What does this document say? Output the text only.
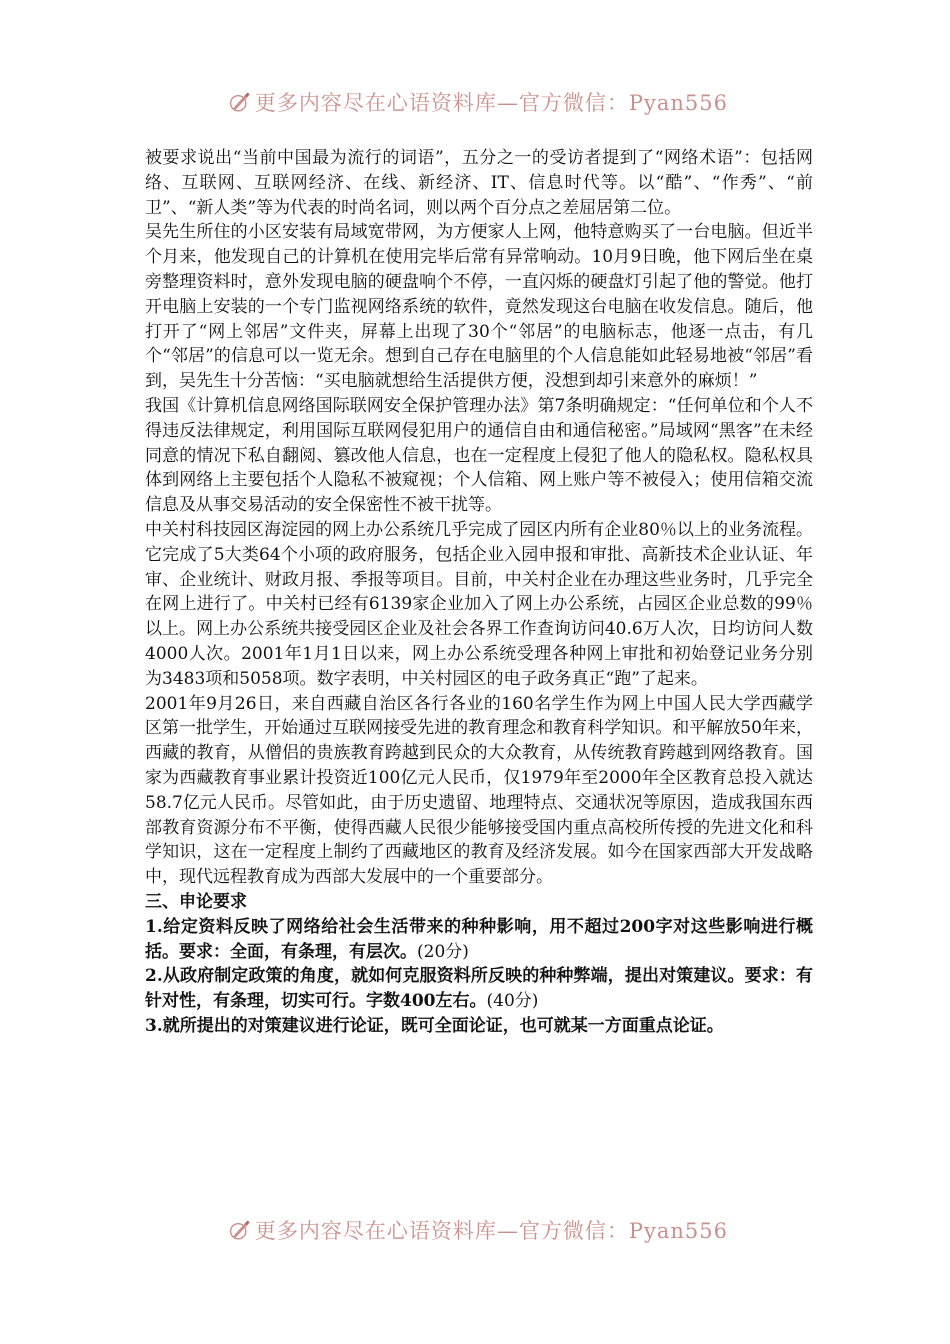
更多内容尽在心语资料库—官方微信：Pyan556

被要求说出“当前中国最为流行的词语”，五分之一的受访者提到了“网络术语”：包括网络、互联网、互联网经济、在线、新经济、IT、信息时代等。以“酷”、“作秀”、“前卫”、“新人类”等为代表的时尚名词，则以两个百分点之差屈居第二位。

吴先生所住的小区安装有局域宽带网，为方便家人上网，他特意购买了一台电脑。但近半个月来，他发现自己的计算机在使用完毕后常有异常响动。10月9日晚，他下网后坐在桌旁整理资料时，意外发现电脑的硬盘响个不停，一直闪烁的硬盘灯引起了他的警觉。他打开电脑上安装的一个专门监视网络系统的软件，竟然发现这台电脑在收发信息。随后，他打开了“网上邻居”文件夹，屏幕上出现了30个“邻居”的电脑标志，他逐一点击，有几个“邻居”的信息可以一览无余。想到自己存在电脑里的个人信息能如此轻易地被“邻居”看到，吴先生十分苦恼：“买电脑就想给生活提供方便，没想到却引来意外的麻烦！”

我国《计算机信息网络国际联网安全保护管理办法》第7条明确规定：“任何单位和个人不得违反法律规定，利用国际互联网侵犯用户的通信自由和通信秘密。”局域网“黑客”在未经同意的情况下私自翻阅、篡改他人信息，也在一定程度上侵犯了他人的隐私权。隐私权具体到网络上主要包括个人隐私不被窥视；个人信箱、网上账户等不被侵入；使用信箱交流信息及从事交易活动的安全保密性不被干扰等。

中关村科技园区海淀园的网上办公系统几乎完成了园区内所有企业80％以上的业务流程。它完成了5大类64个小项的政府服务，包括企业入园申报和审批、高新技术企业认证、年审、企业统计、财政月报、季报等项目。目前，中关村企业在办理这些业务时，几乎完全在网上进行了。中关村已经有6139家企业加入了网上办公系统，占园区企业总数的99％以上。网上办公系统共接受园区企业及社会各界工作查询访问40.6万人次，日均访问人数4000人次。2001年1月1日以来，网上办公系统受理各种网上审批和初始登记业务分别为3483项和5058项。数字表明，中关村园区的电子政务真正“跑”了起来。

2001年9月26日，来自西藏自治区各行各业的160名学生作为网上中国人民大学西藏学区第一批学生，开始通过互联网接受先进的教育理念和教育科学知识。和平解放50年来，西藏的教育，从僧侣的贵族教育跨越到民众的大众教育，从传统教育跨越到网络教育。国家为西藏教育事业累计投资近100亿元人民币，仅1979年至2000年全区教育总投入就达58.7亿元人民币。尽管如此，由于历史遗留、地理特点、交通状况等原因，造成我国东西部教育资源分布不平衡，使得西藏人民很少能够接受国内重点高校所传授的先进文化和科学知识，这在一定程度上制约了西藏地区的教育及经济发展。如今在国家西部大开发战略中，现代远程教育成为西部大发展中的一个重要部分。

三、申论要求

1.给定资料反映了网络给社会生活带来的种种影响，用不超过200字对这些影响进行概括。要求：全面，有条理，有层次。(20分)

2.从政府制定政策的角度，就如何克服资料所反映的种种弊端，提出对策建议。要求：有针对性，有条理，切实可行。字数400左右。(40分)

3.就所提出的对策建议进行论证，既可全面论证，也可就某一方面重点论证。

更多内容尽在心语资料库—官方微信：Pyan556
